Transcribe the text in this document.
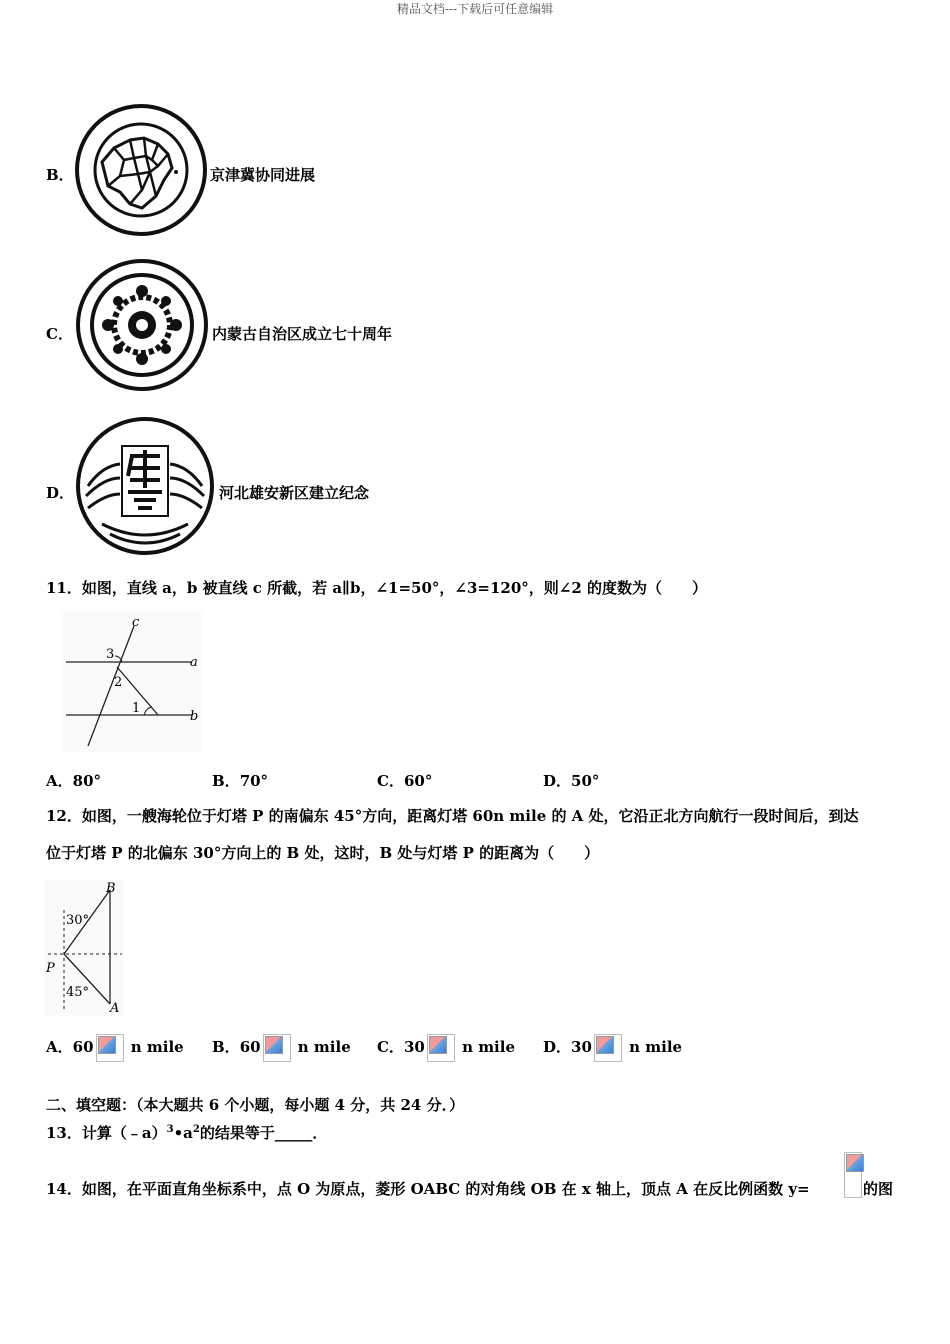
精品文档---下载后可任意编辑
B．	京津冀协同进展
C．	内蒙古自治区成立七十周年
D．	河北雄安新区建立纪念
11．如图，直线 a，b 被直线 c 所截，若 a∥b，∠1=50°，∠3=120°，则∠2 的度数为（　　）
c
a
b
3
2
1
A．80°	B．70°	C．60°	D．50°
12．如图，一艘海轮位于灯塔 P 的南偏东 45°方向，距离灯塔 60n mile 的 A 处，它沿正北方向航行一段时间后，到达
位于灯塔 P 的北偏东 30°方向上的 B 处，这时，B 处与灯塔 P 的距离为（　　）
B
P
A
30°
45°
A．60 n mile B．60 n mile C．30 n mile D．30 n mile
二、填空题：（本大题共 6 个小题，每小题 4 分，共 24 分．）
13．计算$(﹣a)^3•a^2$的结果等于_____．
14．如图，在平面直角坐标系中，点 O 为原点，菱形 OABC 的对角线 OB 在 x 轴上，顶点 A 在反比例函数 y=	的图
